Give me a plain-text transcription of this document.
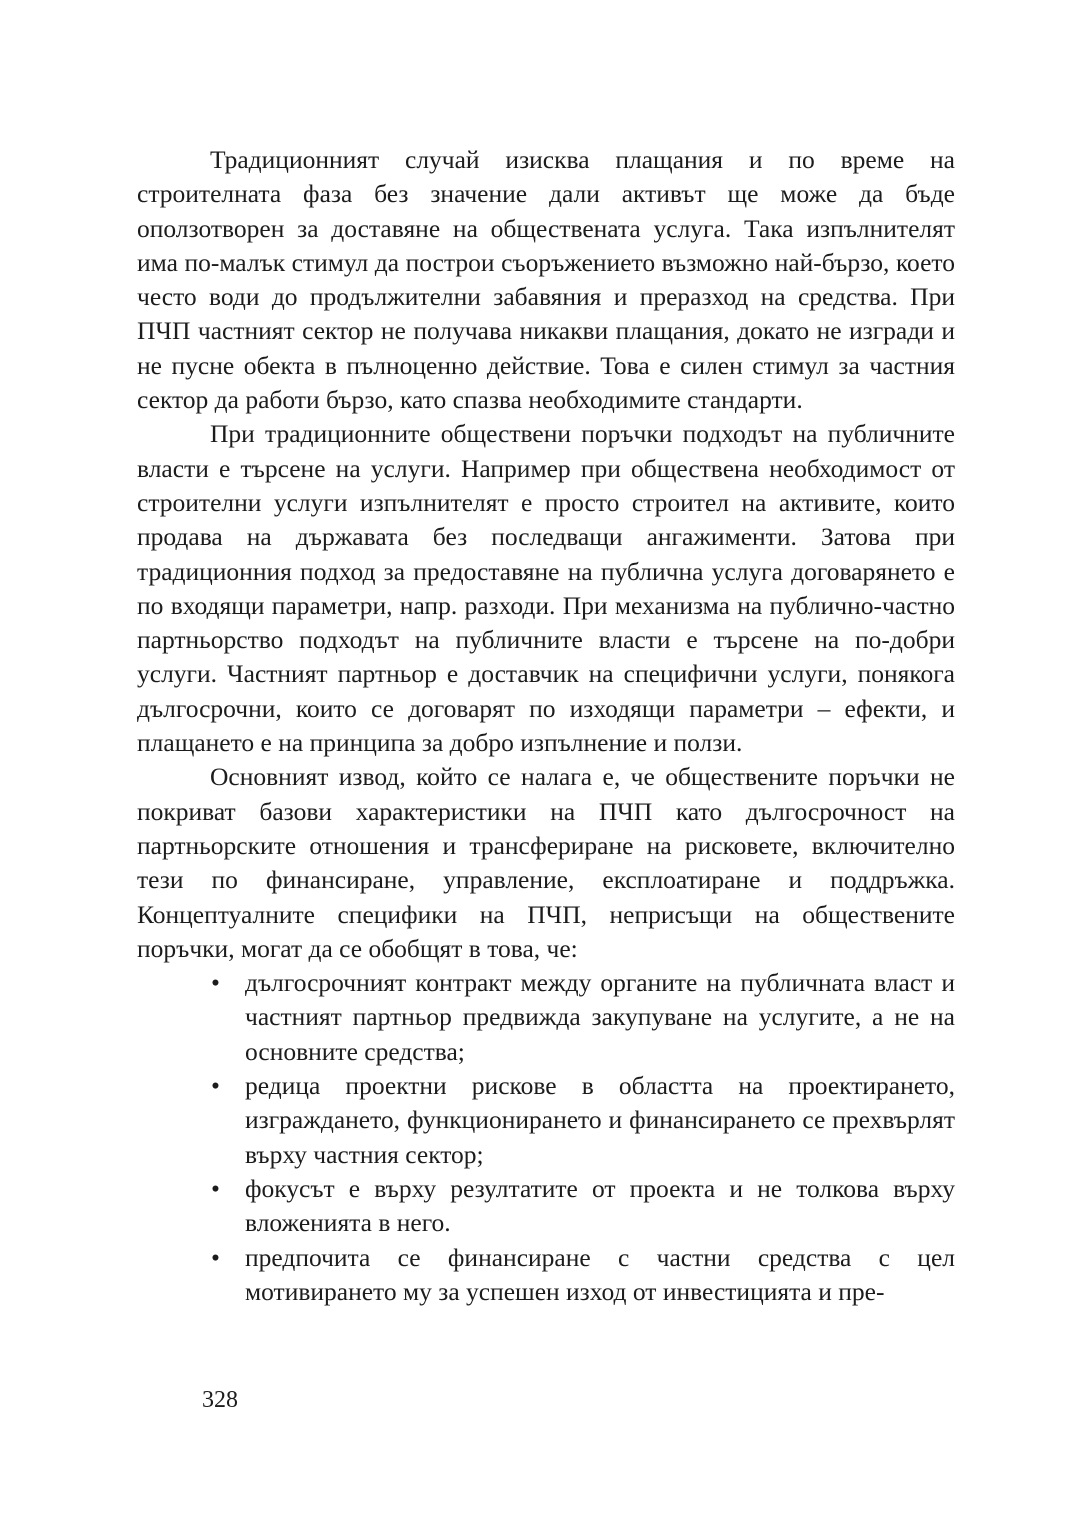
Традиционният случай изисква плащания и по време на строителната фаза без значение дали активът ще може да бъде оползотворен за доставяне на обществената услуга. Така изпълнителят има по-малък стимул да построи съоръжението възможно най-бързо, което често води до продължителни забавяния и преразход на средства. При ПЧП частният сектор не получава никакви плащания, докато не изгради и не пусне обекта в пълноценно действие. Това е силен стимул за частния сектор да работи бързо, като спазва необходимите стандарти.

При традиционните обществени поръчки подходът на публичните власти е търсене на услуги. Например при обществена необходимост от строителни услуги изпълнителят е просто строител на активите, които продава на държавата без последващи ангажименти. Затова при традиционния подход за предоставяне на публична услуга договарянето е по входящи параметри, напр. разходи. При механизма на публично-частно партньорство подходът на публичните власти е търсене на по-добри услуги. Частният партньор е доставчик на специфични услуги, понякога дългосрочни, които се договарят по изходящи параметри – ефекти, и плащането е на принципа за добро изпълнение и ползи.

Основният извод, който се налага е, че обществените поръчки не покриват базови характеристики на ПЧП като дългосрочност на партньорските отношения и трансфериране на рисковете, включително тези по финансиране, управление, експлоатиране и поддръжка. Концептуалните специфики на ПЧП, неприсъщи на обществените поръчки, могат да се обобщят в това, че:

• дългосрочният контракт между органите на публичната власт и частният партньор предвижда закупуване на услугите, а не на основните средства;
• редица проектни рискове в областта на проектирането, изграждането, функционирането и финансирането се прехвърлят върху частния сектор;
• фокусът е върху резултатите от проекта и не толкова върху вложенията в него.
• предпочита се финансиране с частни средства с цел мотивирането му за успешен изход от инвестицията и пре-
328
